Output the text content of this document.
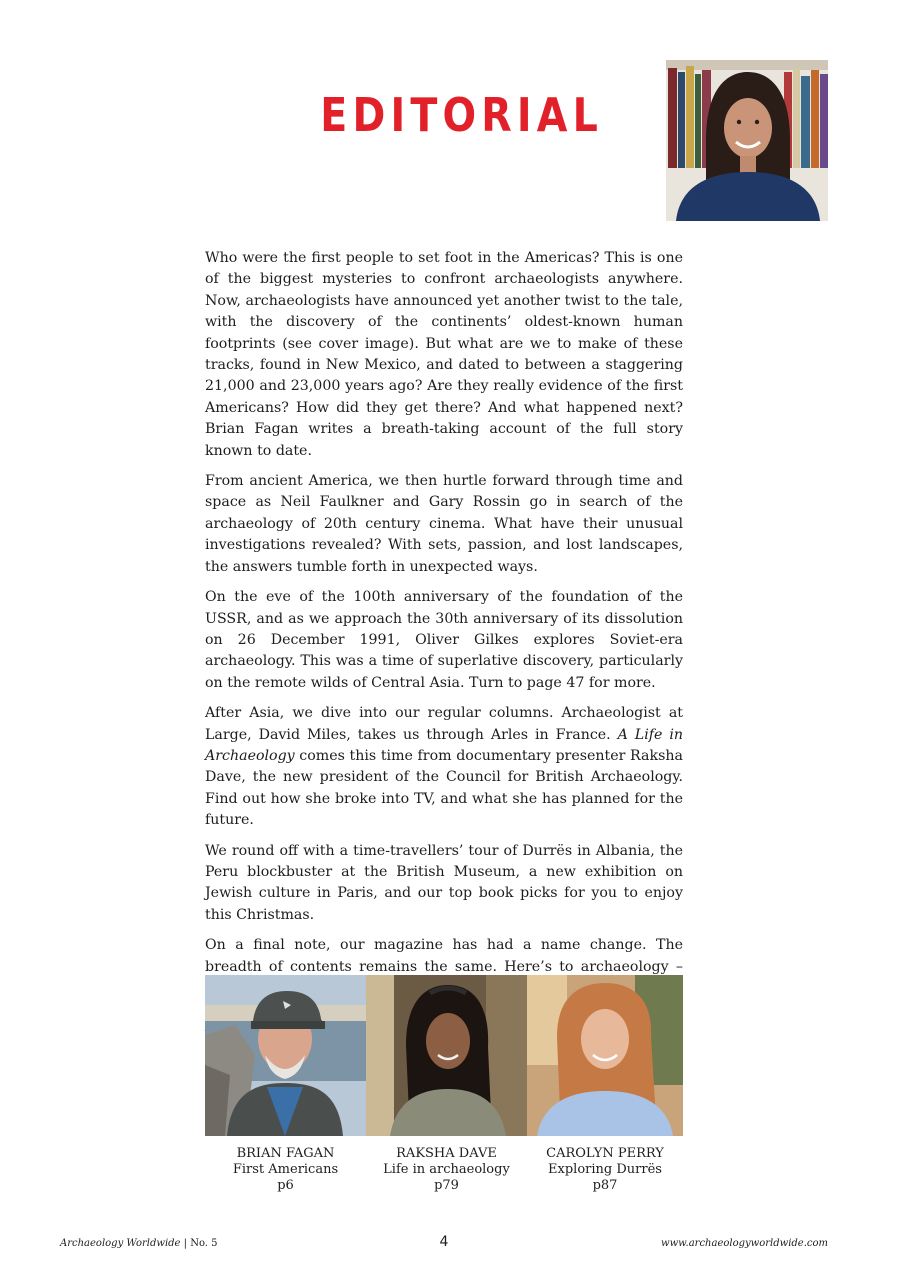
EDITORIAL

Who were the first people to set foot in the Americas? This is one of the biggest mysteries to confront archaeologists anywhere. Now, archaeologists have announced yet another twist to the tale, with the discovery of the continents’ oldest-known human footprints (see cover image). But what are we to make of these tracks, found in New Mexico, and dated to between a staggering 21,000 and 23,000 years ago? Are they really evidence of the first Americans? How did they get there? And what happened next? Brian Fagan writes a breath-taking account of the full story known to date.

From ancient America, we then hurtle forward through time and space as Neil Faulkner and Gary Rossin go in search of the archaeology of 20th century cinema. What have their unusual investigations revealed? With sets, passion, and lost landscapes, the answers tumble forth in unexpected ways.

On the eve of the 100th anniversary of the foundation of the USSR, and as we approach the 30th anniversary of its dissolution on 26 December 1991, Oliver Gilkes explores Soviet-era archaeology. This was a time of superlative discovery, particularly on the remote wilds of Central Asia. Turn to page 47 for more.

After Asia, we dive into our regular columns. Archaeologist at Large, David Miles, takes us through Arles in France. A Life in Archaeology comes this time from documentary presenter Raksha Dave, the new president of the Council for British Archaeology. Find out how she broke into TV, and what she has planned for the future.

We round off with a time-travellers’ tour of Durrës in Albania, the Peru blockbuster at the British Museum, a new exhibition on Jewish culture in Paris, and our top book picks for you to enjoy this Christmas.

On a final note, our magazine has had a name change. The breadth of contents remains the same. Here’s to archaeology –

BRIAN FAGAN
First Americans
p6
RAKSHA DAVE
Life in archaeology
p79
CAROLYN PERRY
Exploring Durrës
p87
Archaeology Worldwide | No. 5	4	www.archaeologyworldwide.com
